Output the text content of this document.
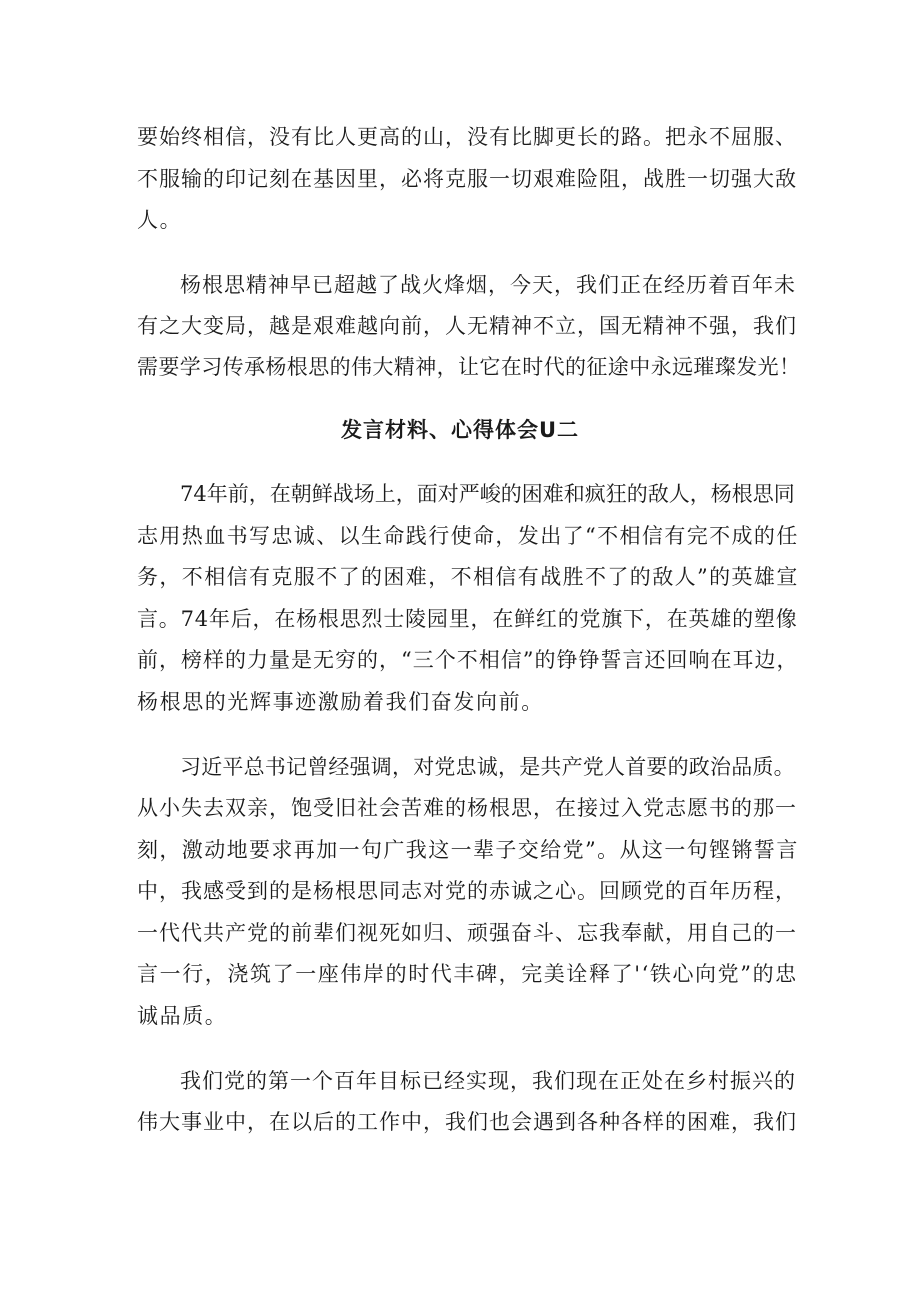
要始终相信，没有比人更高的山，没有比脚更长的路。把永不屈服、
不服输的印记刻在基因里，必将克服一切艰难险阻，战胜一切强大敌
人。
杨根思精神早已超越了战火烽烟，今天，我们正在经历着百年未
有之大变局，越是艰难越向前，人无精神不立，国无精神不强，我们
需要学习传承杨根思的伟大精神，让它在时代的征途中永远璀璨发光！
发言材料、心得体会U二
74年前，在朝鲜战场上，面对严峻的困难和疯狂的敌人，杨根思同
志用热血书写忠诚、以生命践行使命，发出了“不相信有完不成的任
务，不相信有克服不了的困难，不相信有战胜不了的敌人”的英雄宣
言。74年后，在杨根思烈士陵园里，在鲜红的党旗下，在英雄的塑像
前，榜样的力量是无穷的，“三个不相信”的铮铮誓言还回响在耳边，
杨根思的光辉事迹激励着我们奋发向前。
习近平总书记曾经强调，对党忠诚，是共产党人首要的政治品质。
从小失去双亲，饱受旧社会苦难的杨根思，在接过入党志愿书的那一
刻，激动地要求再加一句广我这一辈子交给党”。从这一句铿锵誓言
中，我感受到的是杨根思同志对党的赤诚之心。回顾党的百年历程，
一代代共产党的前辈们视死如归、顽强奋斗、忘我奉献，用自己的一
言一行，浇筑了一座伟岸的时代丰碑，完美诠释了'‘铁心向党”的忠
诚品质。
我们党的第一个百年目标已经实现，我们现在正处在乡村振兴的
伟大事业中，在以后的工作中，我们也会遇到各种各样的困难，我们
